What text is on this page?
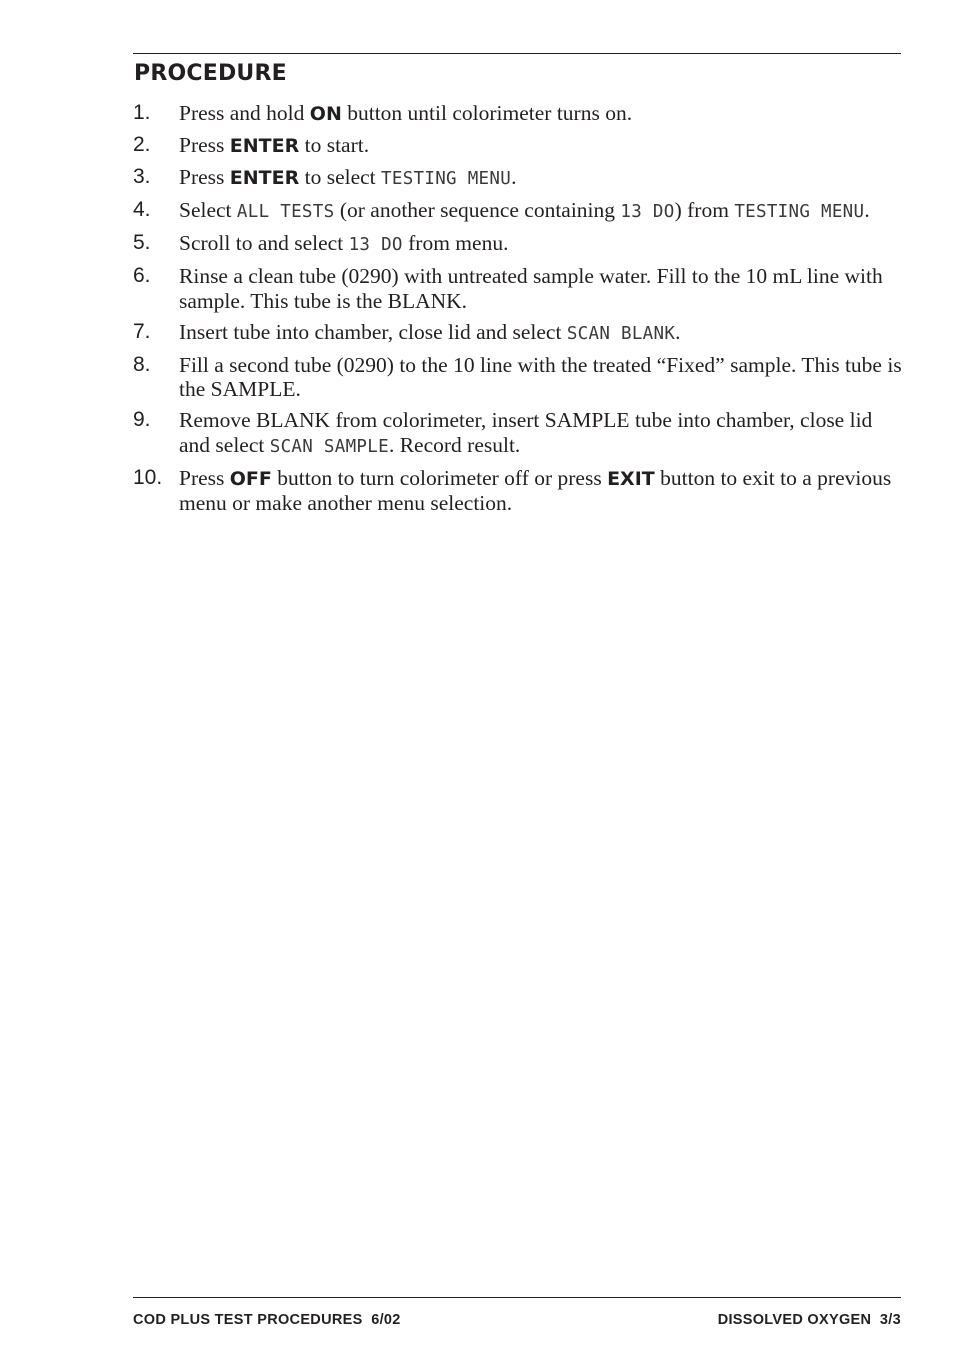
PROCEDURE
1. Press and hold ON button until colorimeter turns on.
2. Press ENTER to start.
3. Press ENTER to select TESTING MENU.
4. Select ALL TESTS (or another sequence containing 13 DO) from TESTING MENU.
5. Scroll to and select 13 DO from menu.
6. Rinse a clean tube (0290) with untreated sample water. Fill to the 10 mL line with sample. This tube is the BLANK.
7. Insert tube into chamber, close lid and select SCAN BLANK.
8. Fill a second tube (0290) to the 10 line with the treated “Fixed” sample. This tube is the SAMPLE.
9. Remove BLANK from colorimeter, insert SAMPLE tube into chamber, close lid and select SCAN SAMPLE. Record result.
10. Press OFF button to turn colorimeter off or press EXIT button to exit to a previous menu or make another menu selection.
COD PLUS TEST PROCEDURES  6/02	DISSOLVED OXYGEN  3/3
